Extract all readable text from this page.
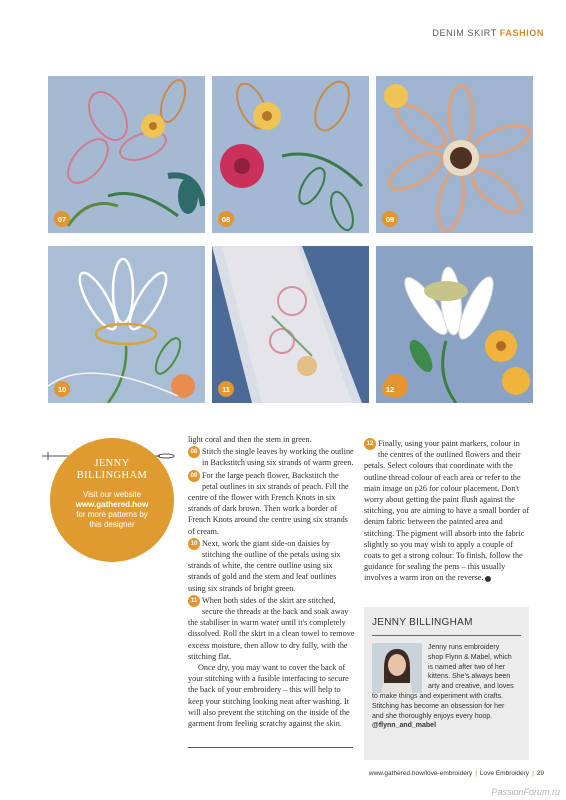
DENIM SKIRT FASHION
07	08	09
10	11	12
JENNY
BILLINGHAM
Visit our website
www.gathered.how
for more patterns by
this designer

light coral and then the stem in green.

08 Stitch the single leaves by working the outline in Backstitch using six strands of warm green.

09 For the large peach flower, Backstitch the petal outlines in six strands of peach. Fill the centre of the flower with French Knots in six strands of dark brown. Then work a border of French Knots around the centre using six strands of cream.

10 Next, work the giant side-on daisies by stitching the outline of the petals using six strands of white, the centre outline using six strands of gold and the stem and leaf outlines using six strands of bright green.

11 When both sides of the skirt are stitched, secure the threads at the back and soak away the stabiliser in warm water until it's completely dissolved. Roll the skirt in a clean towel to remove excess moisture, then allow to dry fully, with the stitching flat.

Once dry, you may want to cover the back of your stitching with a fusible interfacing to secure the back of your embroidery – this will help to keep your stitching looking neat after washing. It will also prevent the stitching on the inside of the garment from feeling scratchy against the skin.

12 Finally, using your paint markers, colour in the centres of the outlined flowers and their petals. Select colours that coordinate with the outline thread colour of each area or refer to the main image on p26 for colour placement. Don't worry about getting the paint flush against the stitching, you are aiming to have a small border of denim fabric between the painted area and stitching. The pigment will absorb into the fabric slightly so you may wish to apply a couple of coats to get a strong colour. To finish, follow the guidance for sealing the pens – this usually involves a warm iron on the reverse.

JENNY BILLINGHAM
Jenny runs embroidery
shop Flynn & Mabel, which
is named after two of her
kittens. She's always been
arty and creative, and loves
to make things and experiment with crafts.
Stitching has become an obsession for her
and she thoroughly enjoys every hoop.
@flynn_and_mabel
www.gathered.how/love-embroidery | Love Embroidery | 29
PassionForum.ru
